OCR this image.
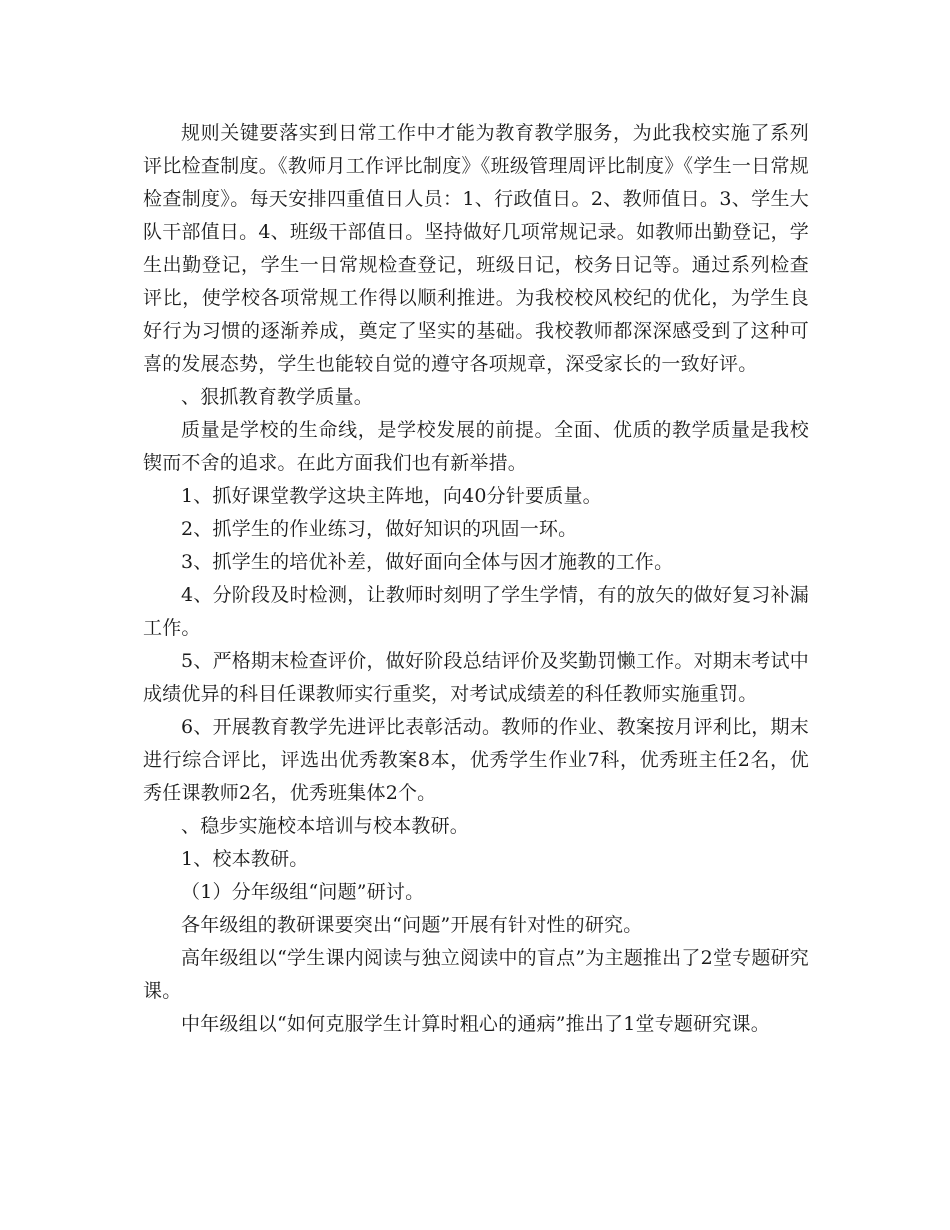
规则关键要落实到日常工作中才能为教育教学服务，为此我校实施了系列评比检查制度。《教师月工作评比制度》《班级管理周评比制度》《学生一日常规检查制度》。每天安排四重值日人员：1、行政值日。2、教师值日。3、学生大队干部值日。4、班级干部值日。坚持做好几项常规记录。如教师出勤登记，学生出勤登记，学生一日常规检查登记，班级日记，校务日记等。通过系列检查评比，使学校各项常规工作得以顺利推进。为我校校风校纪的优化，为学生良好行为习惯的逐渐养成，奠定了坚实的基础。我校教师都深深感受到了这种可喜的发展态势，学生也能较自觉的遵守各项规章，深受家长的一致好评。

、狠抓教育教学质量。

质量是学校的生命线，是学校发展的前提。全面、优质的教学质量是我校锲而不舍的追求。在此方面我们也有新举措。

1、抓好课堂教学这块主阵地，向40分针要质量。

2、抓学生的作业练习，做好知识的巩固一环。

3、抓学生的培优补差，做好面向全体与因才施教的工作。

4、分阶段及时检测，让教师时刻明了学生学情，有的放矢的做好复习补漏工作。

5、严格期末检查评价，做好阶段总结评价及奖勤罚懒工作。对期末考试中成绩优异的科目任课教师实行重奖，对考试成绩差的科任教师实施重罚。

6、开展教育教学先进评比表彰活动。教师的作业、教案按月评利比，期末进行综合评比，评选出优秀教案8本，优秀学生作业7科，优秀班主任2名，优秀任课教师2名，优秀班集体2个。

、稳步实施校本培训与校本教研。

1、校本教研。

（1）分年级组“问题”研讨。

各年级组的教研课要突出“问题”开展有针对性的研究。

高年级组以“学生课内阅读与独立阅读中的盲点”为主题推出了2堂专题研究课。

中年级组以“如何克服学生计算时粗心的通病”推出了1堂专题研究课。
